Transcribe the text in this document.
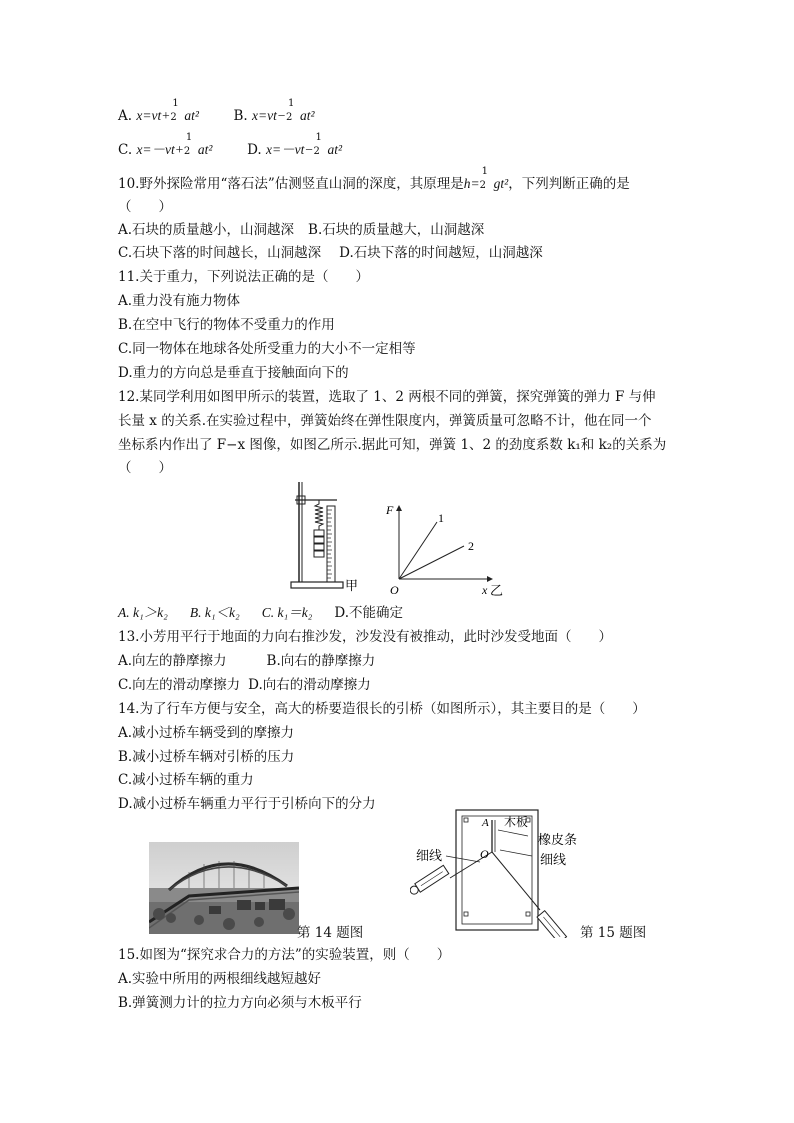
A. x=vt+
1
2 at²	B. x=vt−
1
2 at²
C. x=－vt+
1
2 at²	D. x=－vt−
1
2 at²
10.野外探险常用“落石法”估测竖直山洞的深度，其原理是h=
1
2 gt²，下列判断正确的是
（　　）
A.石块的质量越小，山洞越深 B.石块的质量越大，山洞越深
C.石块下落的时间越长，山洞越深 D.石块下落的时间越短，山洞越深
11.关于重力，下列说法正确的是（　　）
A.重力没有施力物体
B.在空中飞行的物体不受重力的作用
C.同一物体在地球各处所受重力的大小不一定相等
D.重力的方向总是垂直于接触面向下的
12.某同学利用如图甲所示的装置，选取了 1、2 两根不同的弹簧，探究弹簧的弹力 F 与伸
长量 x 的关系.在实验过程中，弹簧始终在弹性限度内，弹簧质量可忽略不计，他在同一个
坐标系内作出了 F−x 图像，如图乙所示.据此可知，弹簧 1、2 的劲度系数 k₁和 k₂的关系为
（　　）
甲
F
O	x 乙
1
2
A. k₁＞k₂ B. k₁＜k₂ C. k₁＝k₂ D.不能确定
13.小芳用平行于地面的力向右推沙发，沙发没有被推动，此时沙发受地面（　　）
A.向左的静摩擦力	B.向右的静摩擦力
C.向左的滑动摩擦力 D.向右的滑动摩擦力
14.为了行车方便与安全，高大的桥要造很长的引桥（如图所示），其主要目的是（　　）
A.减小过桥车辆受到的摩擦力
B.减小过桥车辆对引桥的压力
C.减小过桥车辆的重力
D.减小过桥车辆重力平行于引桥向下的分力
第 14 题图
A 木板
橡皮条
O
细线	细线
第 15 题图
15.如图为“探究求合力的方法”的实验装置，则（　　）
A.实验中所用的两根细线越短越好
B.弹簧测力计的拉力方向必须与木板平行
